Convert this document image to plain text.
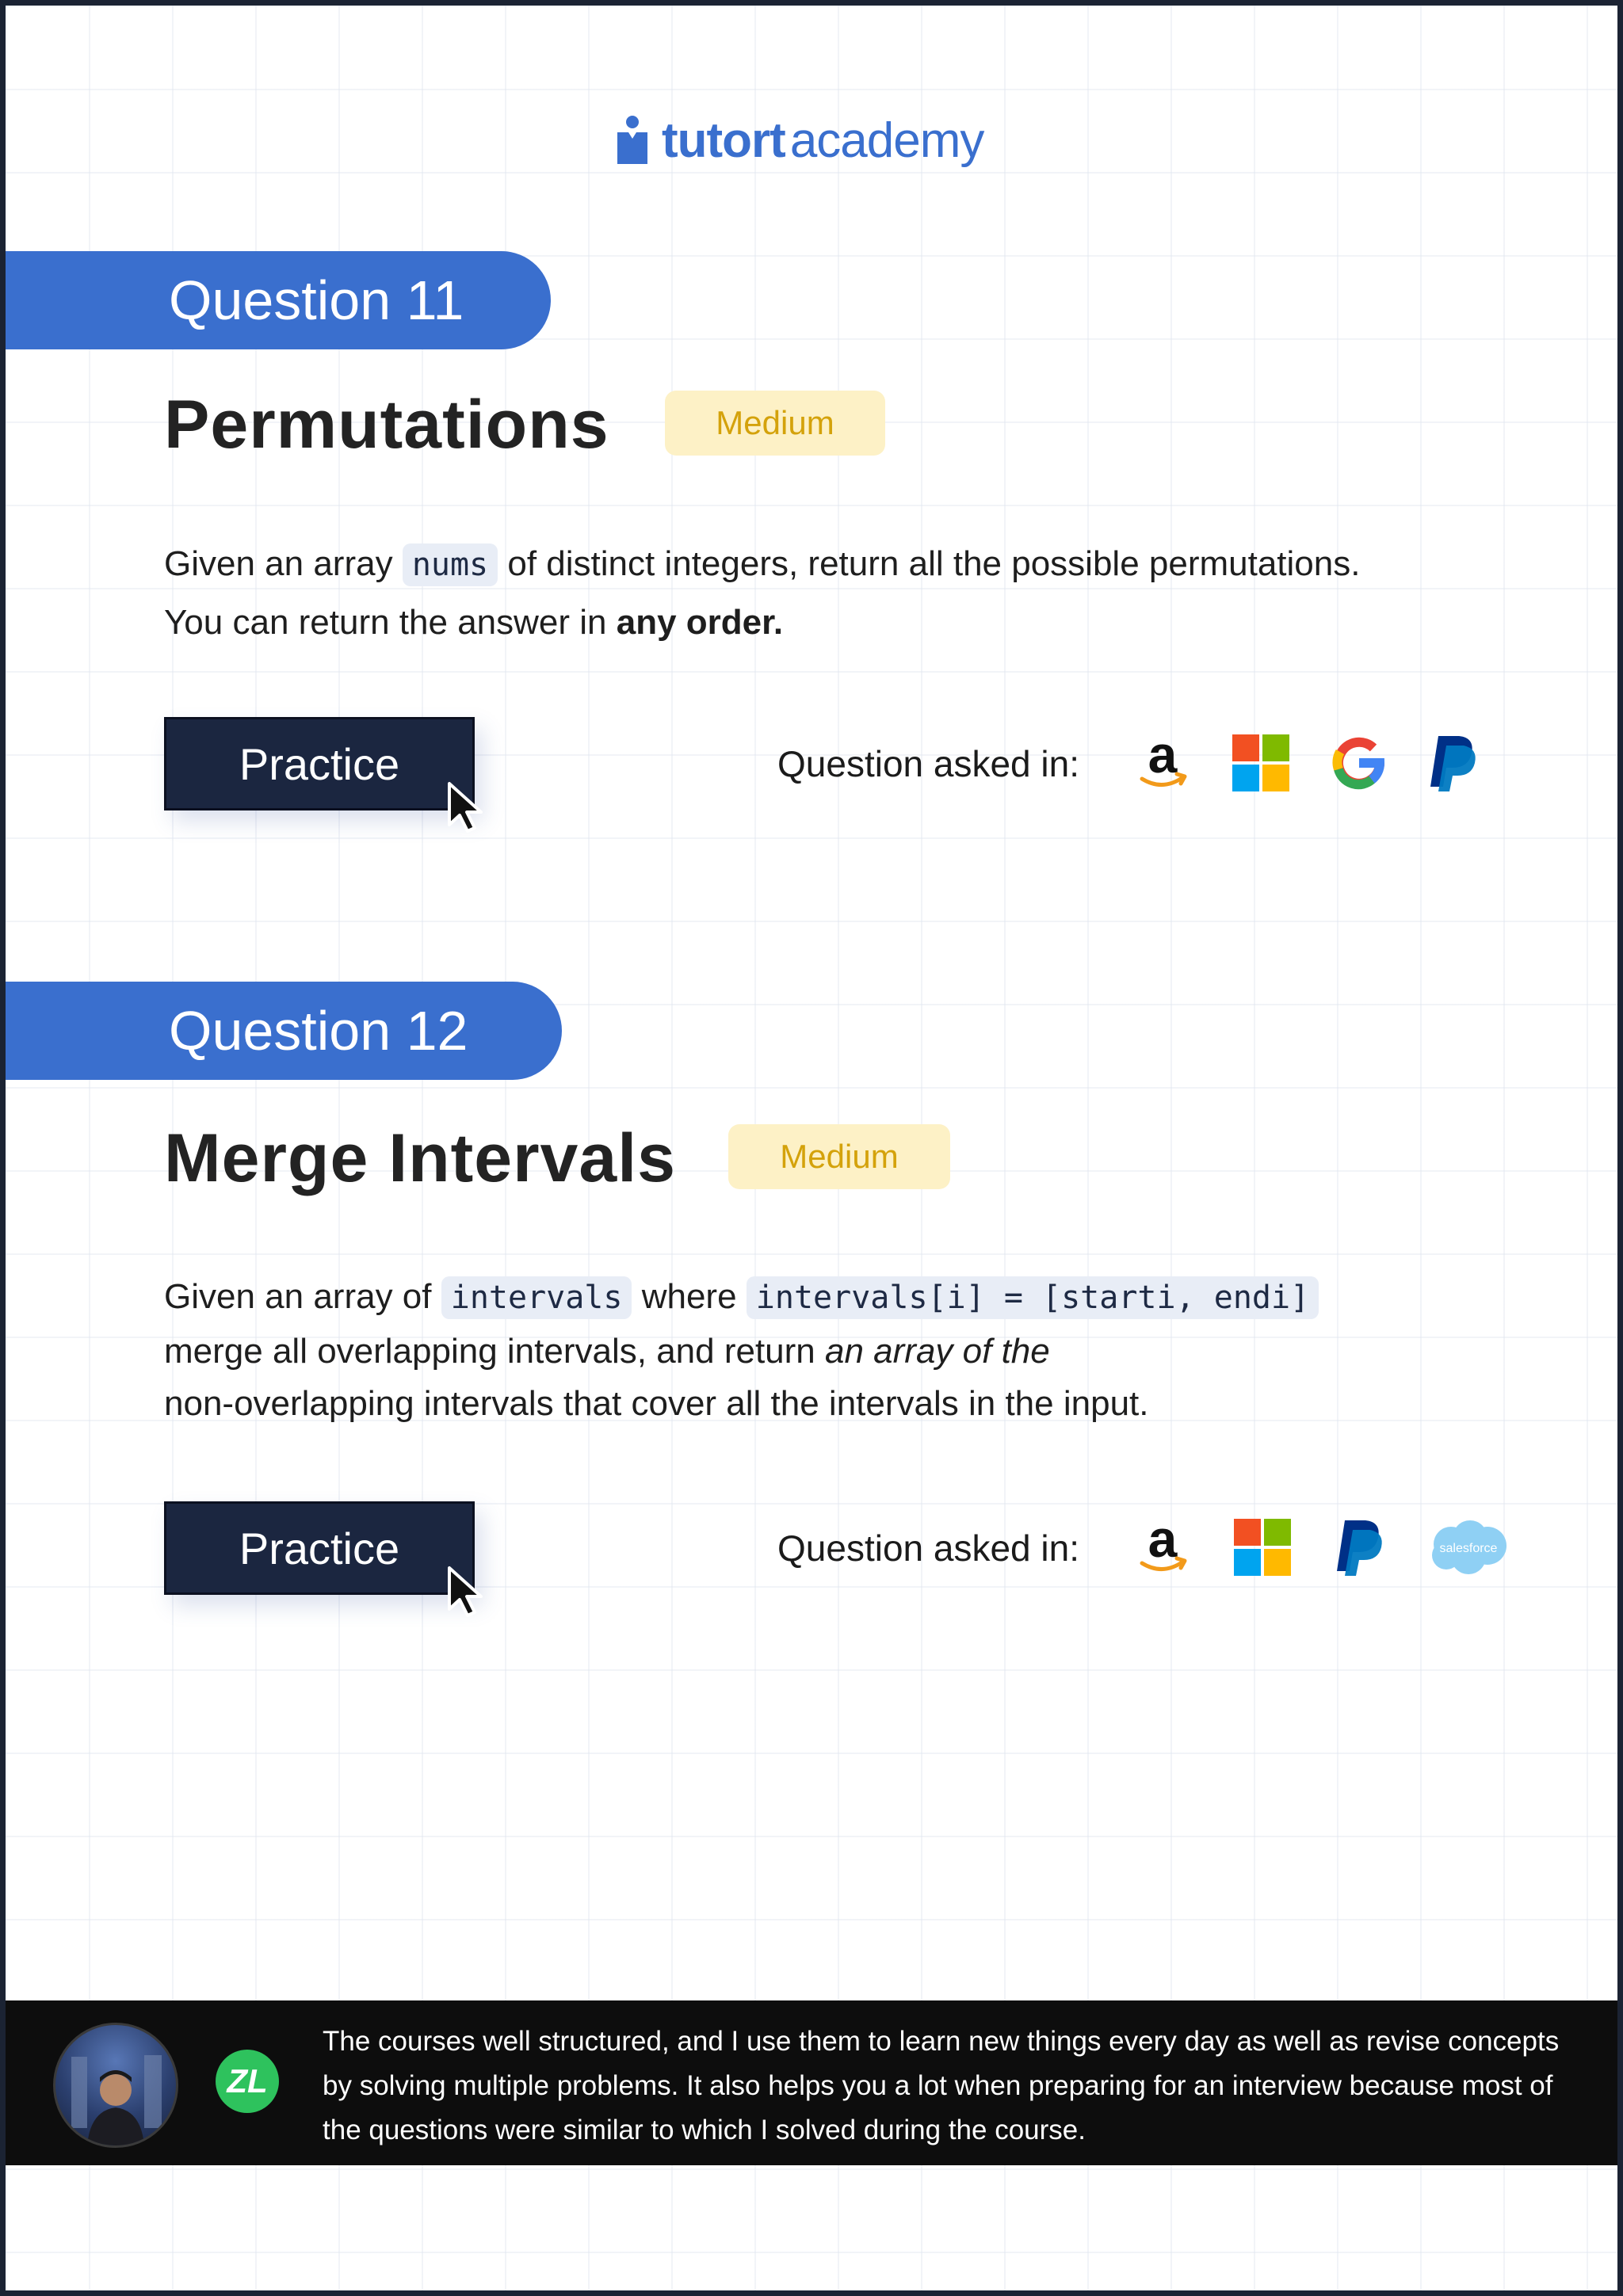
tutort academy
Question 11
Permutations	Medium
Given an array nums of distinct integers, return all the possible permutations.
You can return the answer in any order.
Practice	Question asked in: a
Question 12
Merge Intervals	Medium
Given an array of intervals where intervals[i] = [starti, endi]
merge all overlapping intervals, and return an array of the
non-overlapping intervals that cover all the intervals in the input.
Practice	Question asked in: a	salesforce
ZL
The courses well structured, and I use them to learn new things every day as well as revise concepts by solving multiple problems. It also helps you a lot when preparing for an interview because most of the questions were similar to which I solved during the course.
